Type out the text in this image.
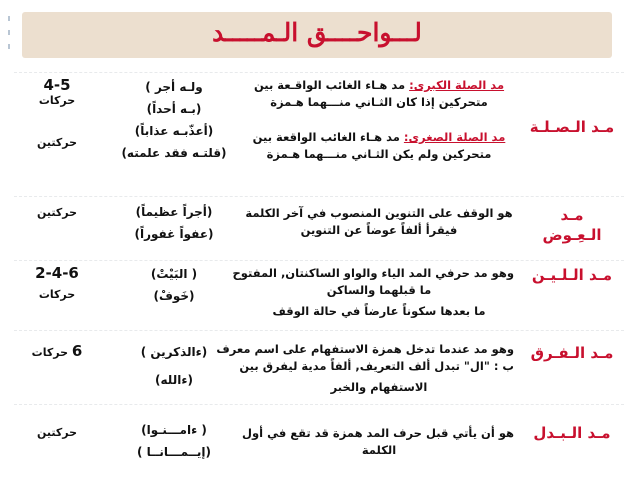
لـــواحــــق الـمـــــد
مـد الـصـلـة
مد الصلة الكبرى: مد هـاء الغائب الواقـعة بين
متحركين إذا كان الثـاني منـــهما هـمزة
مد الصلة الصغرى: مد هـاء الغائب الواقعة بين
متحركين ولم يكن الثـاني منـــهما هـمزة
ولـه أجر )
(بـه أحداً)
(أعذّبـه عذاباً)
(قلتـه فقد علمته)
4-5
حركات
حركتين
مـد
الـعِـوض
هو الوقف على التنوين المنصوب في آخر الكلمة
فيقرأ ألفاً عوضاً عن التنوين
(أجراً عظيماً)
(عفواً غفوراً)
حركتين
مـد الـلـيـن
وهو مد حرفي المد الياء والواو الساكنتان, المفتوح
ما قبلهما والساكن
ما بعدها سكوناً عارضاً في حالة الوقف
( البَيْتْ)
(خَوفْ)
2-4-6
حركات
مـد الـفـرق
وهو مد عندما تدخل همزة الاستفهام على اسم معرف
ب : "ال" تبدل ألف التعريف, ألفاً مدية ليفرق بين
الاستفهام والخبر
(ءالذكرين )
(ءالله)
6 حركات
مـد الـبـدل
هو أن يأتي قبل حرف المد همزة قد تقع في أول
الكلمة
( ءامـــنـوا)
(إيــمـــانــا )
حركتين
